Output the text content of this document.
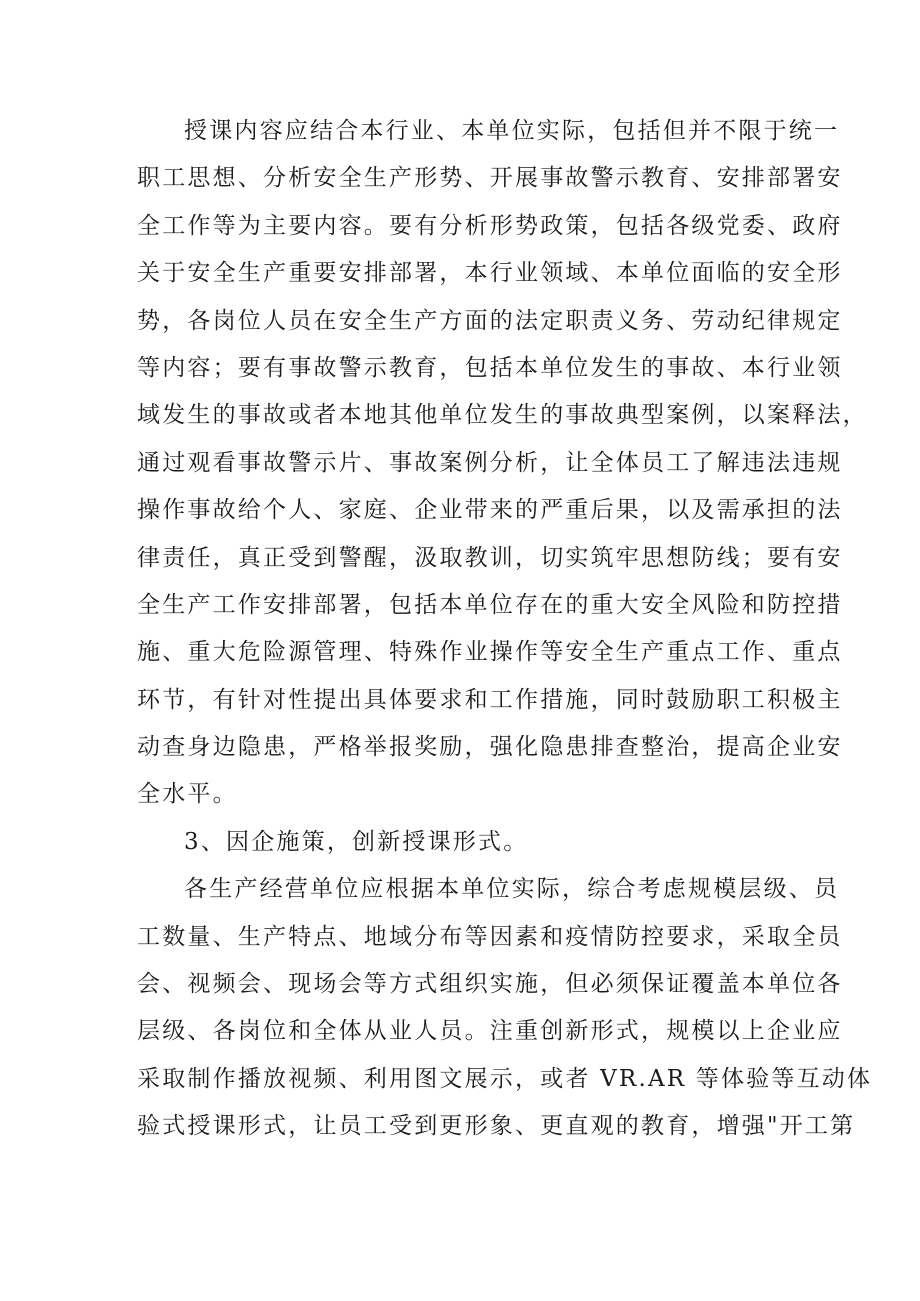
授课内容应结合本行业、本单位实际，包括但并不限于统一
职工思想、分析安全生产形势、开展事故警示教育、安排部署安
全工作等为主要内容。要有分析形势政策，包括各级党委、政府
关于安全生产重要安排部署，本行业领域、本单位面临的安全形
势，各岗位人员在安全生产方面的法定职责义务、劳动纪律规定
等内容；要有事故警示教育，包括本单位发生的事故、本行业领
域发生的事故或者本地其他单位发生的事故典型案例，以案释法，
通过观看事故警示片、事故案例分析，让全体员工了解违法违规
操作事故给个人、家庭、企业带来的严重后果，以及需承担的法
律责任，真正受到警醒，汲取教训，切实筑牢思想防线；要有安
全生产工作安排部署，包括本单位存在的重大安全风险和防控措
施、重大危险源管理、特殊作业操作等安全生产重点工作、重点
环节，有针对性提出具体要求和工作措施，同时鼓励职工积极主
动查身边隐患，严格举报奖励，强化隐患排查整治，提高企业安
全水平。
3、因企施策，创新授课形式。
各生产经营单位应根据本单位实际，综合考虑规模层级、员
工数量、生产特点、地域分布等因素和疫情防控要求，采取全员
会、视频会、现场会等方式组织实施，但必须保证覆盖本单位各
层级、各岗位和全体从业人员。注重创新形式，规模以上企业应
采取制作播放视频、利用图文展示，或者 VR.AR 等体验等互动体
验式授课形式，让员工受到更形象、更直观的教育，增强"开工第
